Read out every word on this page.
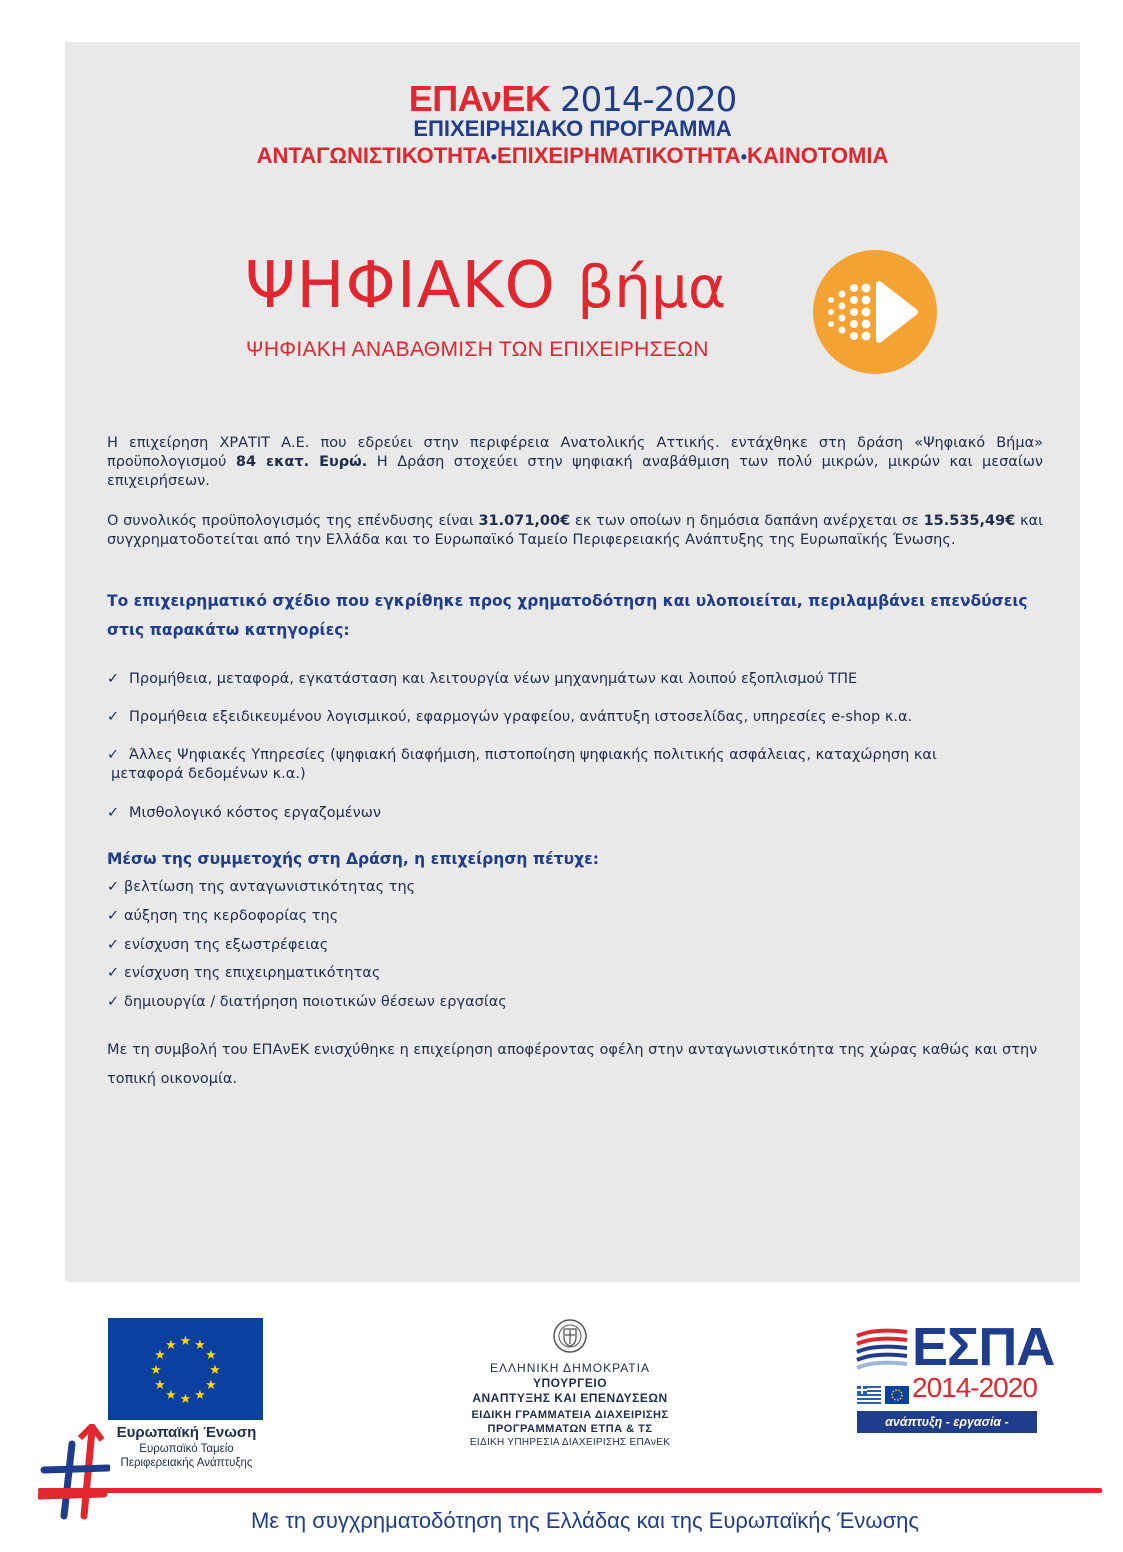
ΕΠΑνΕΚ 2014-2020
ΕΠΙΧΕΙΡΗΣΙΑΚΟ ΠΡΟΓΡΑΜΜΑ
ΑΝΤΑΓΩΝΙΣΤΙΚΟΤΗΤΑ•ΕΠΙΧΕΙΡΗΜΑΤΙΚΟΤΗΤΑ•ΚΑΙΝΟΤΟΜΙΑ
ΨΗΦΙΑΚΟ βήμα
ΨΗΦΙΑΚΗ ΑΝΑΒΑΘΜΙΣΗ ΤΩΝ ΕΠΙΧΕΙΡΗΣΕΩΝ
Η επιχείρηση ΧΡΑΤΙΤ Α.Ε. που εδρεύει στην περιφέρεια Ανατολικής Αττικής. εντάχθηκε στη δράση «Ψηφιακό Βήμα» προϋπολογισμού 84 εκατ. Ευρώ. Η Δράση στοχεύει στην ψηφιακή αναβάθμιση των πολύ μικρών, μικρών και μεσαίων επιχειρήσεων.
Ο συνολικός προϋπολογισμός της επένδυσης είναι 31.071,00€ εκ των οποίων η δημόσια δαπάνη ανέρχεται σε 15.535,49€ και συγχρηματοδοτείται από την Ελλάδα και το Ευρωπαϊκό Ταμείο Περιφερειακής Ανάπτυξης της Ευρωπαϊκής Ένωσης.
Το επιχειρηματικό σχέδιο που εγκρίθηκε προς χρηματοδότηση και υλοποιείται, περιλαμβάνει επενδύσεις στις παρακάτω κατηγορίες:
✓ Προμήθεια, μεταφορά, εγκατάσταση και λειτουργία νέων μηχανημάτων και λοιπού εξοπλισμού ΤΠΕ
✓ Προμήθεια εξειδικευμένου λογισμικού, εφαρμογών γραφείου, ανάπτυξη ιστοσελίδας, υπηρεσίες e-shop κ.α.
✓ Άλλες Ψηφιακές Υπηρεσίες (ψηφιακή διαφήμιση, πιστοποίηση ψηφιακής πολιτικής ασφάλειας, καταχώρηση και
μεταφορά δεδομένων κ.α.)
✓ Μισθολογικό κόστος εργαζομένων
Μέσω της συμμετοχής στη Δράση, η επιχείρηση πέτυχε:
✓ βελτίωση της ανταγωνιστικότητας της
✓ αύξηση της κερδοφορίας της
✓ ενίσχυση της εξωστρέφειας
✓ ενίσχυση της επιχειρηματικότητας
✓ δημιουργία / διατήρηση ποιοτικών θέσεων εργασίας
Με τη συμβολή του ΕΠΑνΕΚ ενισχύθηκε η επιχείρηση αποφέροντας οφέλη στην ανταγωνιστικότητα της χώρας καθώς και στην τοπική οικονομία.
★ ★
★
★
★
★
★
★
★
★
★
★
Ευρωπαϊκή Ένωση
Ευρωπαϊκό Ταμείο
Περιφερειακής Ανάπτυξης
ΕΛΛΗΝΙΚΗ ΔΗΜΟΚΡΑΤΙΑ
ΥΠΟΥΡΓΕΙΟ
ΑΝΑΠΤΥΞΗΣ ΚΑΙ ΕΠΕΝΔΥΣΕΩΝ
ΕΙΔΙΚΗ ΓΡΑΜΜΑΤΕΙΑ ΔΙΑΧΕΙΡΙΣΗΣ
ΠΡΟΓΡΑΜΜΑΤΩΝ ΕΤΠΑ & ΤΣ
ΕΙΔΙΚΗ ΥΠΗΡΕΣΙΑ ΔΙΑΧΕΙΡΙΣΗΣ ΕΠΑνΕΚ
ΕΣΠΑ
2014-2020
ανάπτυξη - εργασία - αλληλεγγύη
Με τη συγχρηματοδότηση της Ελλάδας και της Ευρωπαϊκής Ένωσης
